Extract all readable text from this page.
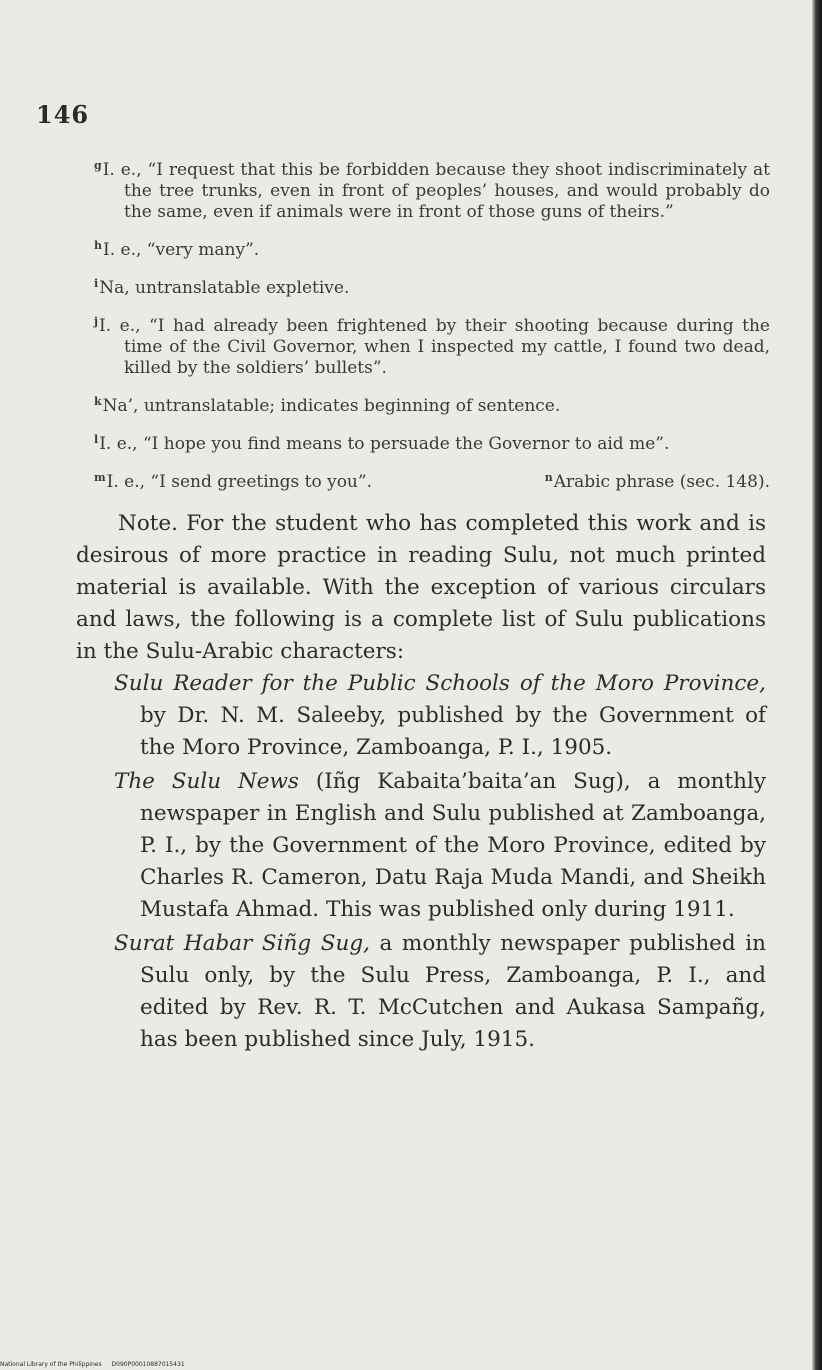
146

$^g$I. e., “I request that this be forbidden because they shoot indiscriminately at the tree trunks, even in front of peoples’ houses, and would probably do the same, even if animals were in front of those guns of theirs.”

$^h$I. e., “very many”.

$^i$Na, untranslatable expletive.

$^j$I. e., “I had already been frightened by their shooting because during the time of the Civil Governor, when I inspected my cattle, I found two dead, killed by the soldiers’ bullets”.

$^k$Na’, untranslatable; indicates beginning of sentence.

$^l$I. e., “I hope you find means to persuade the Governor to aid me”.

$^m$I. e., “I send greetings to you”.	$^n$Arabic phrase (sec. 148).

Note. For the student who has completed this work and is desirous of more practice in reading Sulu, not much printed material is available. With the exception of various circulars and laws, the following is a complete list of Sulu publications in the Sulu-Arabic characters:

Sulu Reader for the Public Schools of the Moro Province, by Dr. N. M. Saleeby, published by the Government of the Moro Province, Zamboanga, P. I., 1905.
The Sulu News (Iñg Kabaita’baita’an Sug), a monthly newspaper in English and Sulu published at Zamboanga, P. I., by the Government of the Moro Province, edited by Charles R. Cameron, Datu Raja Muda Mandi, and Sheikh Mustafa Ahmad. This was published only during 1911.
Surat Habar Siñg Sug, a monthly newspaper published in Sulu only, by the Sulu Press, Zamboanga, P. I., and edited by Rev. R. T. McCutchen and Aukasa Sampañg, has been published since July, 1915.
National Library of the Philippines D090P00010887015431
